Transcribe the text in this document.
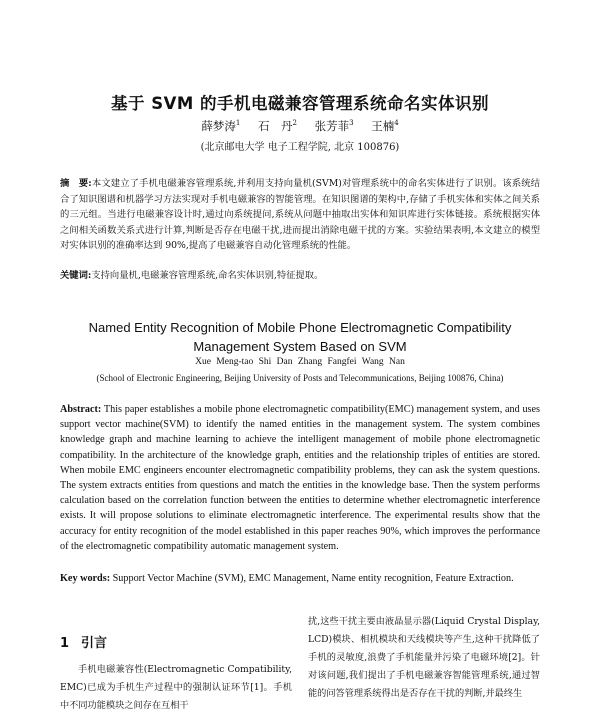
基于 SVM 的手机电磁兼容管理系统命名实体识别
薛梦涛$^1$ 石　丹$^2$ 张芳菲$^3$ 王楠$^4$
(北京邮电大学 电子工程学院, 北京 100876)
摘　要:本文建立了手机电磁兼容管理系统,并利用支持向量机(SVM)对管理系统中的命名实体进行了识别。该系统结合了知识图谱和机器学习方法实现对手机电磁兼容的智能管理。在知识图谱的架构中,存储了手机实体和实体之间关系的三元组。当进行电磁兼容设计时,通过向系统提问,系统从问题中抽取出实体和知识库进行实体链接。系统根据实体之间相关函数关系式进行计算,判断是否存在电磁干扰,进而提出消除电磁干扰的方案。实验结果表明,本文建立的模型对实体识别的准确率达到 90%,提高了电磁兼容自动化管理系统的性能。
关键词:支持向量机,电磁兼容管理系统,命名实体识别,特征提取。
Named Entity Recognition of Mobile Phone Electromagnetic Compatibility
Management System Based on SVM
Xue Meng-tao Shi Dan Zhang Fangfei Wang Nan
(School of Electronic Engineering, Beijing University of Posts and Telecommunications, Beijing 100876, China)
Abstract: This paper establishes a mobile phone electromagnetic compatibility(EMC) management system, and uses support vector machine(SVM) to identify the named entities in the management system. The system combines knowledge graph and machine learning to achieve the intelligent management of mobile phone electromagnetic compatibility. In the architecture of the knowledge graph, entities and the relationship triples of entities are stored. When mobile EMC engineers encounter electromagnetic compatibility problems, they can ask the system questions. The system extracts entities from questions and match the entities in the knowledge base. Then the system performs calculation based on the correlation function between the entities to determine whether electromagnetic interference exists. It will propose solutions to eliminate electromagnetic interference. The experimental results show that the accuracy for entity recognition of the model established in this paper reaches 90%, which improves the performance of the electromagnetic compatibility automatic management system.
Key words: Support Vector Machine (SVM), EMC Management, Name entity recognition, Feature Extraction.
1 引言
手机电磁兼容性(Electromagnetic Compatibility, EMC)已成为手机生产过程中的强制认证环节[1]。手机中不同功能模块之间存在互相干
扰,这些干扰主要由液晶显示器(Liquid Crystal Display, LCD)模块、相机模块和天线模块等产生,这种干扰降低了手机的灵敏度,浪费了手机能量并污染了电磁环境[2]。针对该问题,我们提出了手机电磁兼容智能管理系统,通过智能的问答管理系统得出是否存在干扰的判断,并最终生
